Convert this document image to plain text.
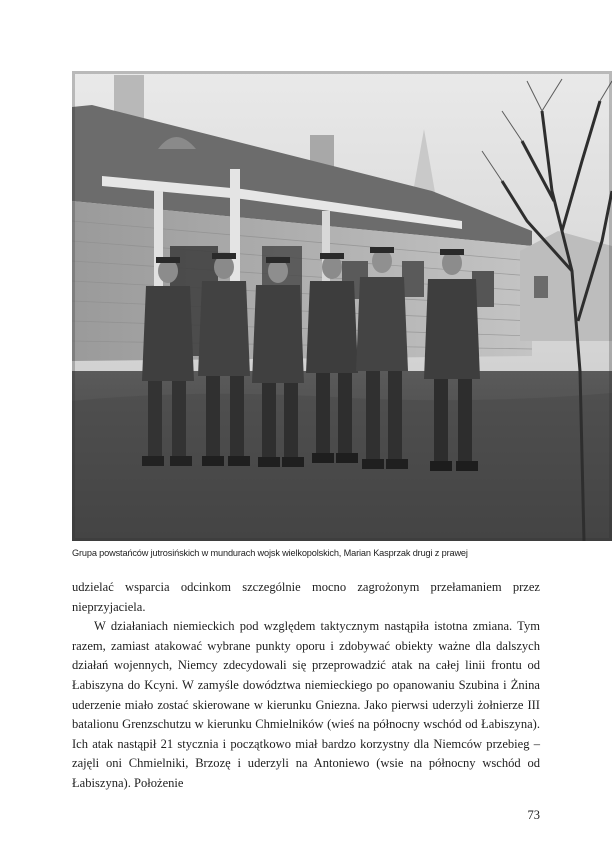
Grupa powstańców jutrosińskich w mundurach wojsk wielkopolskich, Marian Kasprzak drugi z prawej

udzielać wsparcia odcinkom szczególnie mocno zagrożonym przełamaniem przez nieprzyjaciela.

W działaniach niemieckich pod względem taktycznym nastąpiła istotna zmiana. Tym razem, zamiast atakować wybrane punkty oporu i zdobywać obiekty ważne dla dalszych działań wojennych, Niemcy zdecydowali się przeprowadzić atak na całej linii frontu od Łabiszyna do Kcyni. W zamyśle dowództwa niemieckiego po opanowaniu Szubina i Żnina uderzenie miało zostać skierowane w kierunku Gniezna. Jako pierwsi uderzyli żołnierze III batalionu Grenzschutzu w kierunku Chmielników (wieś na północny wschód od Łabiszyna). Ich atak nastąpił 21 stycznia i początkowo miał bardzo korzystny dla Niemców przebieg – zajęli oni Chmielniki, Brzozę i uderzyli na Antoniewo (wsie na północny wschód od Łabiszyna). Położenie

73
